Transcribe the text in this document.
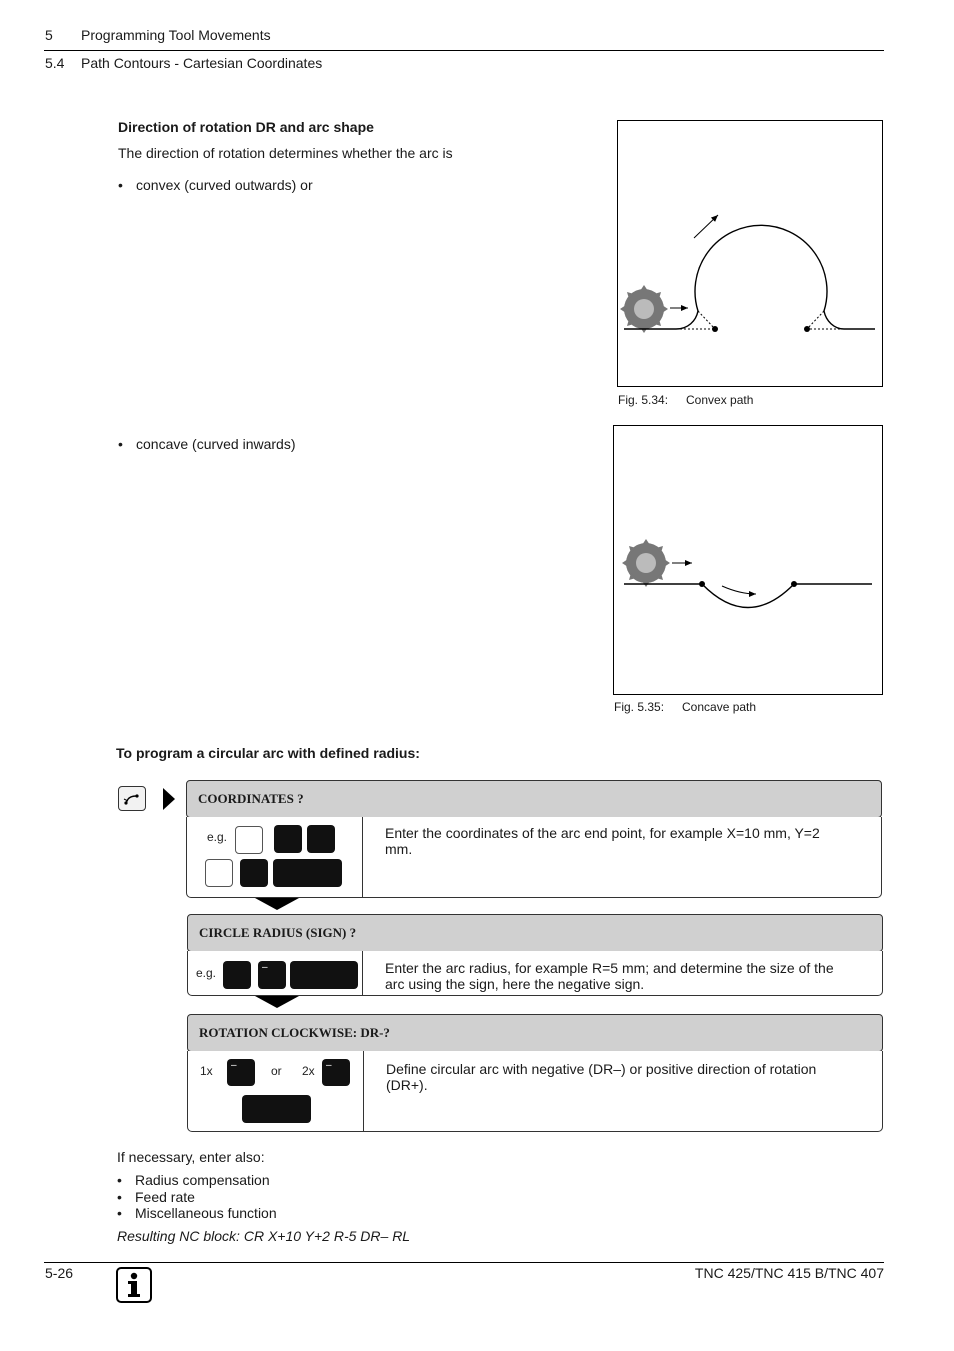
5 Programming Tool Movements
5.4 Path Contours - Cartesian Coordinates
Direction of rotation DR and arc shape
The direction of rotation determines whether the arc is
• convex (curved outwards) or
• concave (curved inwards)
Fig. 5.34: Convex path
Fig. 5.35: Concave path
To program a circular arc with defined radius:
COORDINATES ?
e.g.	Enter the coordinates of the arc end point, for example X=10 mm, Y=2 mm.
CIRCLE RADIUS (SIGN) ?
e.g.	–	Enter the arc radius, for example R=5 mm; and determine the size of the arc using the sign, here the negative sign.
ROTATION CLOCKWISE: DR-?
1x –	or 2x –	Define circular arc with negative (DR–) or positive direction of rotation (DR+).
If necessary, enter also:
• Radius compensation
• Feed rate
• Miscellaneous function
Resulting NC block: CR X+10 Y+2 R-5 DR– RL
5-26	TNC 425/TNC 415 B/TNC 407
